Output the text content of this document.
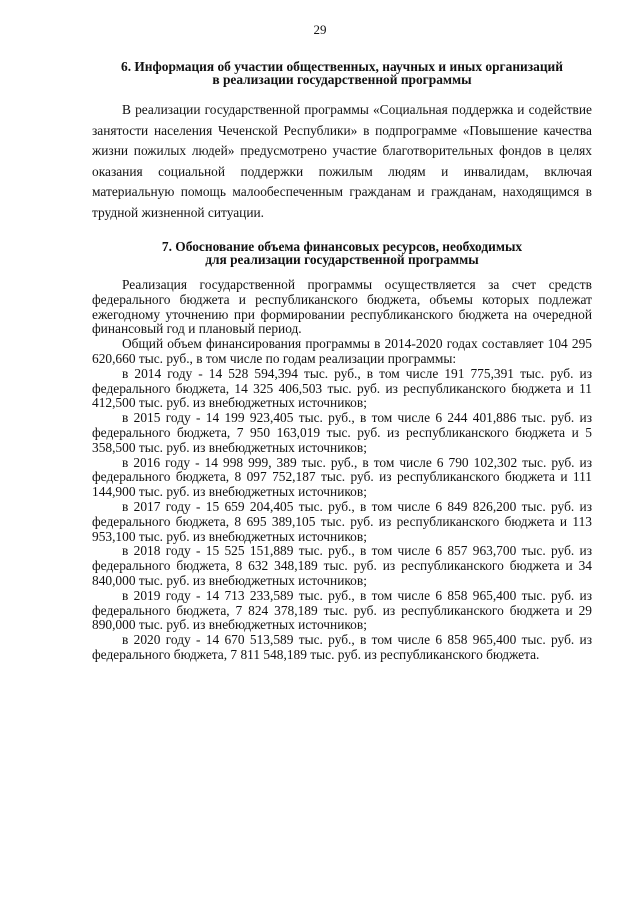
29
6. Информация об участии общественных, научных и иных организаций
в реализации государственной программы

В реализации государственной программы «Социальная поддержка и содействие занятости населения Чеченской Республики» в подпрограмме «Повышение качества жизни пожилых людей» предусмотрено участие благотворительных фондов в целях оказания социальной поддержки пожилым людям и инвалидам, включая материальную помощь малообеспеченным гражданам и гражданам, находящимся в трудной жизненной ситуации.

7. Обоснование объема финансовых ресурсов, необходимых
для реализации государственной программы

Реализация государственной программы осуществляется за счет средств федерального бюджета и республиканского бюджета, объемы которых подлежат ежегодному уточнению при формировании республиканского бюджета на очередной финансовый год и плановый период.

Общий объем финансирования программы в 2014-2020 годах составляет 104 295 620,660 тыс. руб., в том числе по годам реализации программы:

в 2014 году - 14 528 594,394 тыс. руб., в том числе 191 775,391 тыс. руб. из федерального бюджета, 14 325 406,503 тыс. руб. из республиканского бюджета и 11 412,500 тыс. руб. из внебюджетных источников;

в 2015 году - 14 199 923,405 тыс. руб., в том числе 6 244 401,886 тыс. руб. из федерального бюджета, 7 950 163,019 тыс. руб. из республиканского бюджета и 5 358,500 тыс. руб. из внебюджетных источников;

в 2016 году - 14 998 999, 389 тыс. руб., в том числе 6 790 102,302 тыс. руб. из федерального бюджета, 8 097 752,187 тыс. руб. из республиканского бюджета и 111 144,900 тыс. руб. из внебюджетных источников;

в 2017 году - 15 659 204,405 тыс. руб., в том числе 6 849 826,200 тыс. руб. из федерального бюджета, 8 695 389,105 тыс. руб. из республиканского бюджета и 113 953,100 тыс. руб. из внебюджетных источников;

в 2018 году - 15 525 151,889 тыс. руб., в том числе 6 857 963,700 тыс. руб. из федерального бюджета, 8 632 348,189 тыс. руб. из республиканского бюджета и 34 840,000 тыс. руб. из внебюджетных источников;

в 2019 году - 14 713 233,589 тыс. руб., в том числе 6 858 965,400 тыс. руб. из федерального бюджета, 7 824 378,189 тыс. руб. из республиканского бюджета и 29 890,000 тыс. руб. из внебюджетных источников;

в 2020 году - 14 670 513,589 тыс. руб., в том числе 6 858 965,400 тыс. руб. из федерального бюджета, 7 811 548,189 тыс. руб. из республиканского бюджета.
